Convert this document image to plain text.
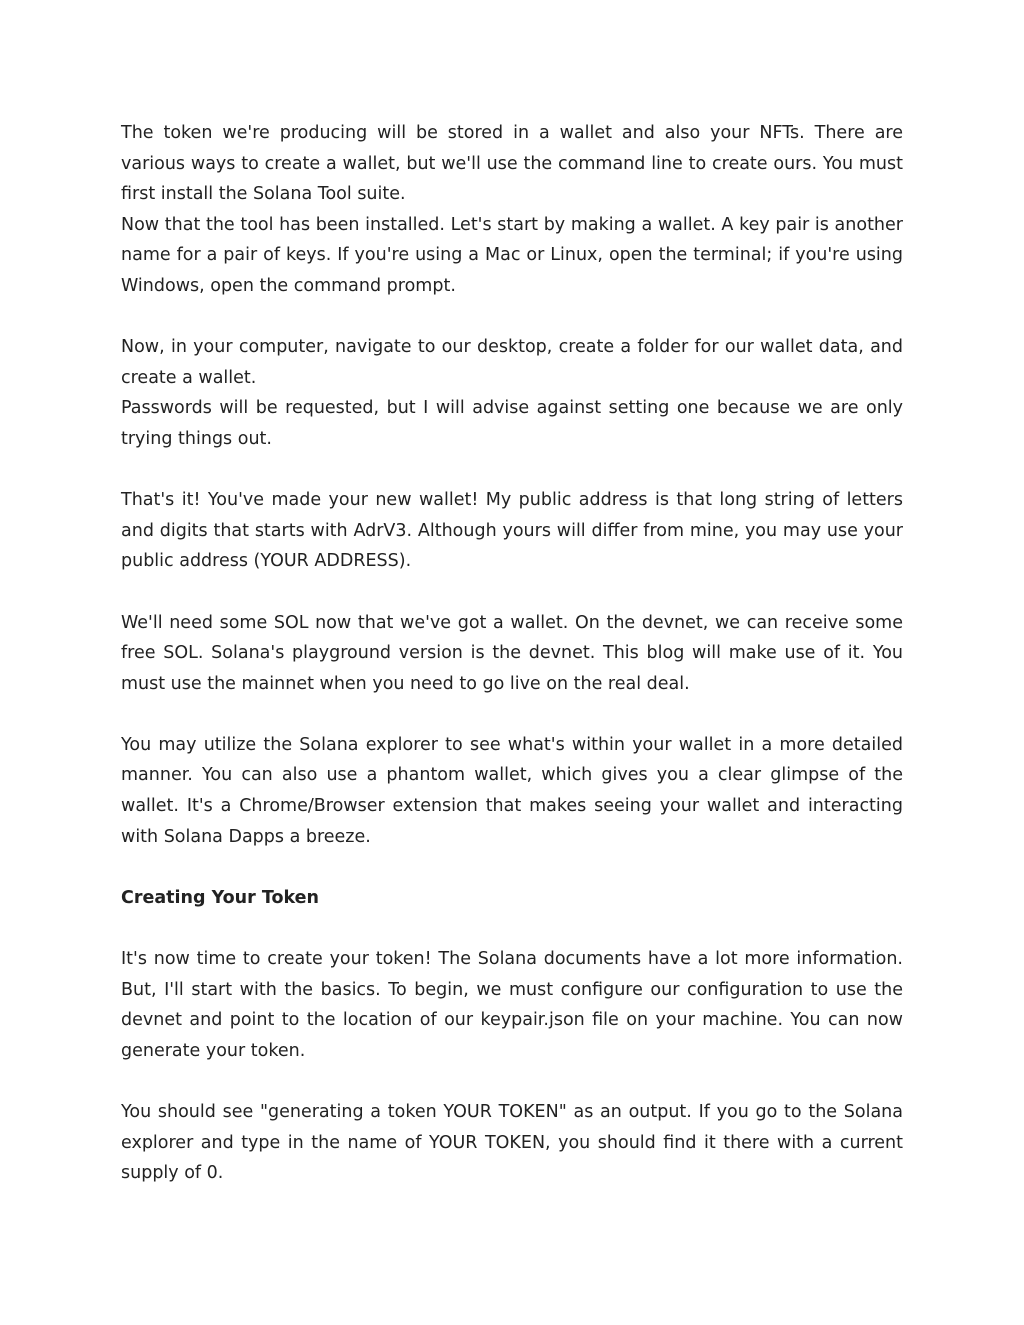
The token we're producing will be stored in a wallet and also your NFTs. There are various ways to create a wallet, but we'll use the command line to create ours. You must first install the Solana Tool suite.

Now that the tool has been installed. Let's start by making a wallet. A key pair is another name for a pair of keys. If you're using a Mac or Linux, open the terminal; if you're using Windows, open the command prompt.

Now, in your computer, navigate to our desktop, create a folder for our wallet data, and create a wallet.

Passwords will be requested, but I will advise against setting one because we are only trying things out.

That's it! You've made your new wallet! My public address is that long string of letters and digits that starts with AdrV3. Although yours will differ from mine, you may use your public address (YOUR ADDRESS).

We'll need some SOL now that we've got a wallet. On the devnet, we can receive some free SOL. Solana's playground version is the devnet. This blog will make use of it. You must use the mainnet when you need to go live on the real deal.

You may utilize the Solana explorer to see what's within your wallet in a more detailed manner. You can also use a phantom wallet, which gives you a clear glimpse of the wallet. It's a Chrome/Browser extension that makes seeing your wallet and interacting with Solana Dapps a breeze.

Creating Your Token

It's now time to create your token! The Solana documents have a lot more information. But, I'll start with the basics. To begin, we must configure our configuration to use the devnet and point to the location of our keypair.json file on your machine. You can now generate your token.

You should see "generating a token YOUR TOKEN" as an output. If you go to the Solana explorer and type in the name of YOUR TOKEN, you should find it there with a current supply of 0.
